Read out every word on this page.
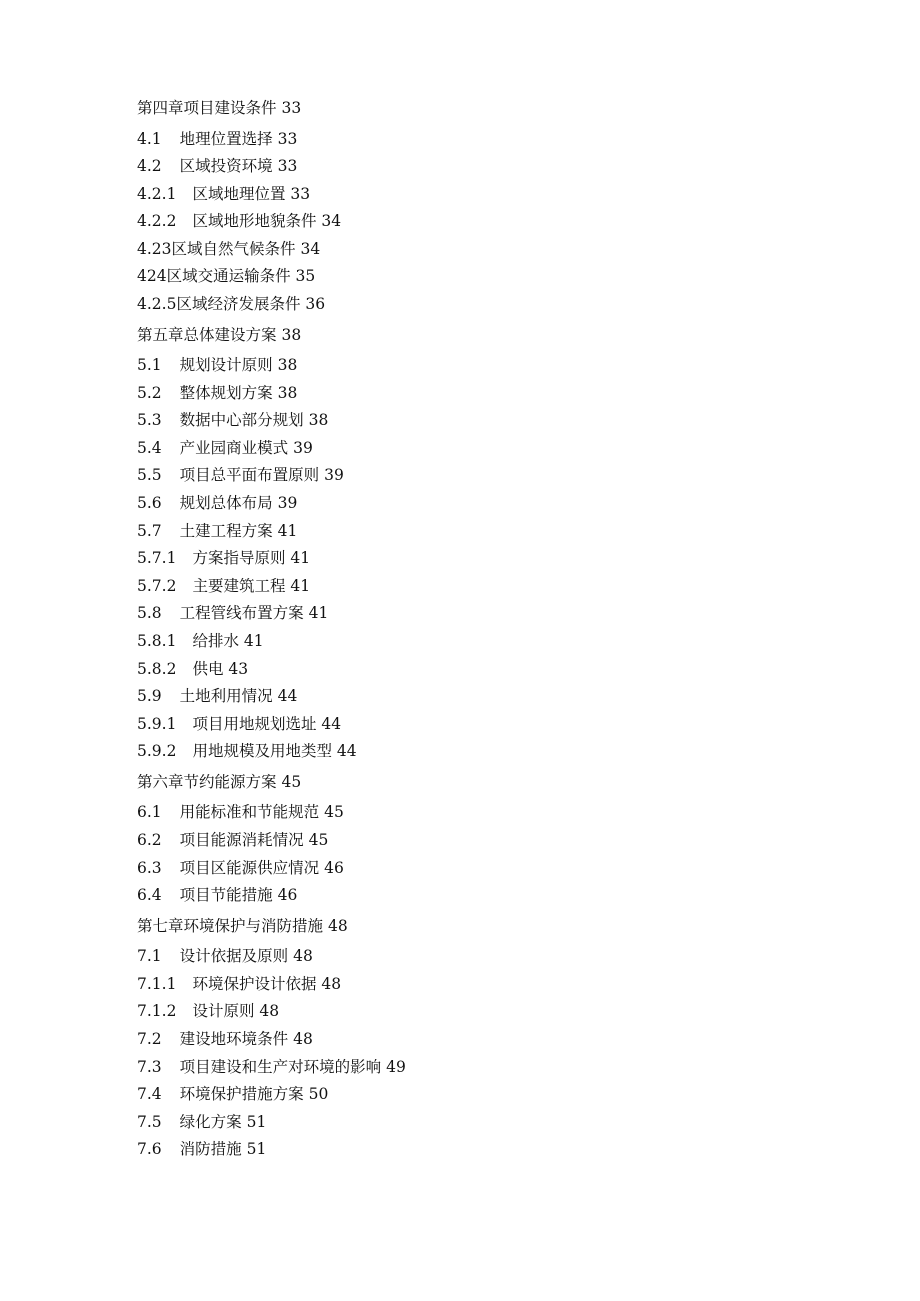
第四章项目建设条件 33
4.1 地理位置选择 33
4.2 区域投资环境 33
4.2.1 区域地理位置 33
4.2.2 区域地形地貌条件 34
4.23区域自然气候条件 34
424区域交通运输条件 35
4.2.5区域经济发展条件 36
第五章总体建设方案 38
5.1 规划设计原则 38
5.2 整体规划方案 38
5.3 数据中心部分规划 38
5.4 产业园商业模式 39
5.5 项目总平面布置原则 39
5.6 规划总体布局 39
5.7 土建工程方案 41
5.7.1 方案指导原则 41
5.7.2 主要建筑工程 41
5.8 工程管线布置方案 41
5.8.1 给排水 41
5.8.2 供电 43
5.9 土地利用情况 44
5.9.1 项目用地规划选址 44
5.9.2 用地规模及用地类型 44
第六章节约能源方案 45
6.1 用能标准和节能规范 45
6.2 项目能源消耗情况 45
6.3 项目区能源供应情况 46
6.4 项目节能措施 46
第七章环境保护与消防措施 48
7.1 设计依据及原则 48
7.1.1 环境保护设计依据 48
7.1.2 设计原则 48
7.2 建设地环境条件 48
7.3 项目建设和生产对环境的影响 49
7.4 环境保护措施方案 50
7.5 绿化方案 51
7.6 消防措施 51
